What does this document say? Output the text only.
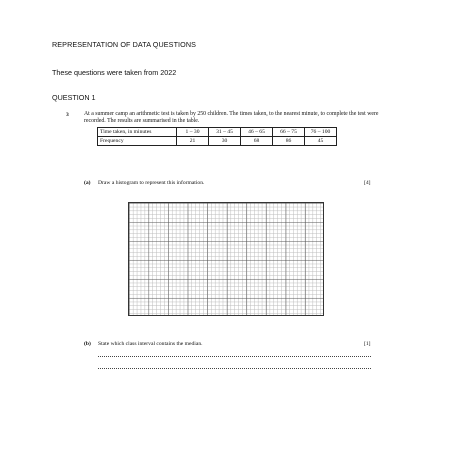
REPRESENTATION OF DATA QUESTIONS
These questions were taken from 2022
QUESTION 1
3	At a summer camp an arithmetic test is taken by 250 children. The times taken, to the nearest minute, to complete the test were recorded. The results are summarised in the table.
Time taken, in minutes	1 – 30	31 – 45	46 – 65	66 – 75	76 – 100
Frequency	21	30	68	86	45
(a) Draw a histogram to represent this information.	[4]
(b) State which class interval contains the median.	[1]
